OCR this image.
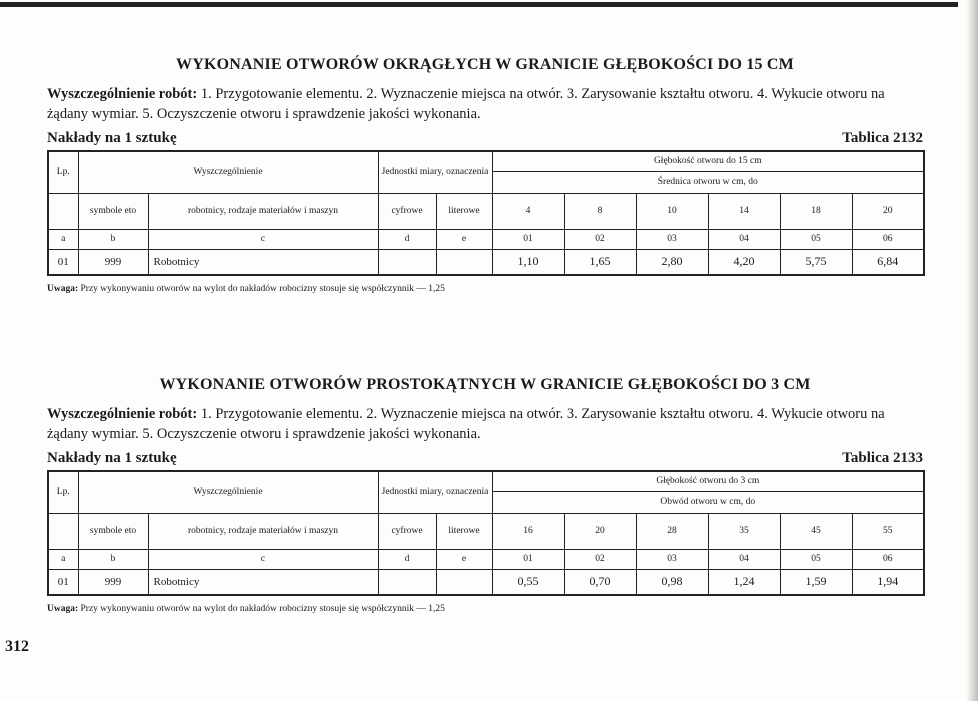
WYKONANIE OTWORÓW OKRĄGŁYCH W GRANICIE GŁĘBOKOŚCI DO 15 CM

Wyszczególnienie robót: 1. Przygotowanie elementu. 2. Wyznaczenie miejsca na otwór. 3. Zarysowanie kształtu otworu. 4. Wykucie otworu na żądany wymiar. 5. Oczyszczenie otworu i sprawdzenie jakości wykonania.

Nakłady na 1 sztukę	Tablica 2132
Lp.	Wyszczególnienie		Jednostki miary, oznaczenia		Głębokość otworu do 15 cm					
					Średnica otworu w cm, do					
	symbole eto	robotnicy, rodzaje materiałów i maszyn	cyfrowe	literowe	4	8	10	14	18	20
a	b	c	d	e	01	02	03	04	05	06
01	999	Robotnicy			1,10	1,65	2,80	4,20	5,75	6,84

Uwaga: Przy wykonywaniu otworów na wylot do nakładów robocizny stosuje się współczynnik — 1,25

WYKONANIE OTWORÓW PROSTOKĄTNYCH W GRANICIE GŁĘBOKOŚCI DO 3 CM

Wyszczególnienie robót: 1. Przygotowanie elementu. 2. Wyznaczenie miejsca na otwór. 3. Zarysowanie kształtu otworu. 4. Wykucie otworu na żądany wymiar. 5. Oczyszczenie otworu i sprawdzenie jakości wykonania.

Nakłady na 1 sztukę	Tablica 2133
Lp.	Wyszczególnienie		Jednostki miary, oznaczenia		Głębokość otworu do 3 cm					
					Obwód otworu w cm, do					
	symbole eto	robotnicy, rodzaje materiałów i maszyn	cyfrowe	literowe	16	20	28	35	45	55
a	b	c	d	e	01	02	03	04	05	06
01	999	Robotnicy			0,55	0,70	0,98	1,24	1,59	1,94

Uwaga: Przy wykonywaniu otworów na wylot do nakładów robocizny stosuje się współczynnik — 1,25

312
